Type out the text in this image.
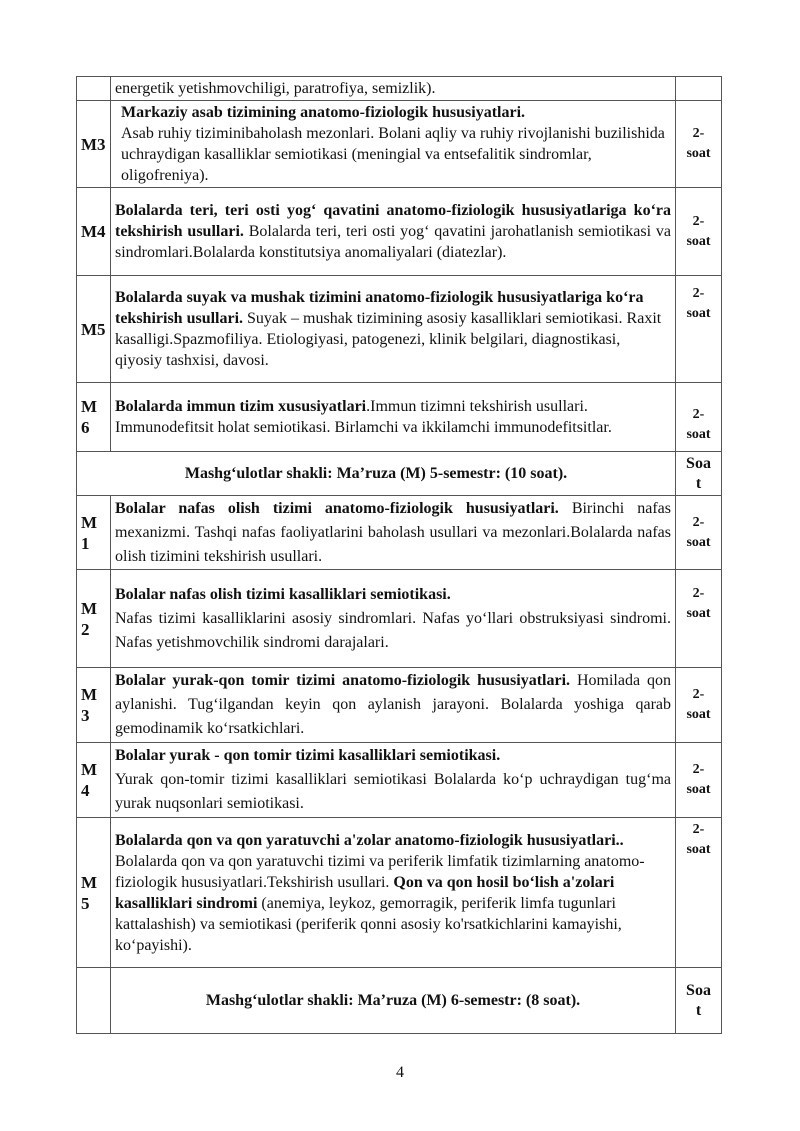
	energetik yetishmovchiligi, paratrofiya, semizlik).	
M3	Markaziy asab tizimining anatomo-fiziologik hususiyatlari.
Asab ruhiy tiziminibaholash mezonlari. Bolani aqliy va ruhiy rivojlanishi buzilishida uchraydigan kasalliklar semiotikasi (meningial va entsefalitik sindromlar, oligofreniya).	2-
soat
M4	Bolalarda teri, teri osti yog‘ qavatini anatomo-fiziologik hususiyatlariga ko‘ra tekshirish usullari. Bolalarda teri, teri osti yog‘ qavatini jarohatlanish semiotikasi va sindromlari.Bolalarda konstitutsiya anomaliyalari (diatezlar).	2-
soat
M5	Bolalarda suyak va mushak tizimini anatomo-fiziologik hususiyatlariga ko‘ra tekshirish usullari. Suyak – mushak tizimining asosiy kasalliklari semiotikasi. Raxit kasalligi.Spazmofiliya. Etiologiyasi, patogenezi, klinik belgilari, diagnostikasi, qiyosiy tashxisi, davosi.	2-
soat
M
6	Bolalarda immun tizim xususiyatlari.Immun tizimni tekshirish usullari. Immunodefitsit holat semiotikasi. Birlamchi va ikkilamchi immunodefitsitlar.	2-
soat
Mashg‘ulotlar shakli: Ma’ruza (M) 5-semestr: (10 soat).		Soa
t
M
1	Bolalar nafas olish tizimi anatomo-fiziologik hususiyatlari. Birinchi nafas mexanizmi. Tashqi nafas faoliyatlarini baholash usullari va mezonlari.Bolalarda nafas olish tizimini tekshirish usullari.	2-
soat
M
2	Bolalar nafas olish tizimi kasalliklari semiotikasi.

Nafas tizimi kasalliklarini asosiy sindromlari. Nafas yo‘llari obstruksiyasi sindromi.
Nafas yetishmovchilik sindromi darajalari.	2-
soat
M
3	Bolalar yurak-qon tomir tizimi anatomo-fiziologik hususiyatlari. Homilada qon aylanishi. Tug‘ilgandan keyin qon aylanish jarayoni. Bolalarda yoshiga qarab gemodinamik ko‘rsatkichlari.	2-
soat
M
4	Bolalar yurak - qon tomir tizimi kasalliklari semiotikasi.

Yurak qon-tomir tizimi kasalliklari semiotikasi Bolalarda ko‘p uchraydigan tug‘ma yurak nuqsonlari semiotikasi.	2-
soat
M
5	Bolalarda qon va qon yaratuvchi a'zolar anatomo-fiziologik hususiyatlari.. Bolalarda qon va qon yaratuvchi tizimi va periferik limfatik tizimlarning anatomo-fiziologik hususiyatlari.Tekshirish usullari. Qon va qon hosil bo‘lish a'zolari kasalliklari sindromi (anemiya, leykoz, gemorragik, periferik limfa tugunlari kattalashish) va semiotikasi (periferik qonni asosiy ko'rsatkichlarini kamayishi, ko‘payishi).	2-
soat
	Mashg‘ulotlar shakli: Ma’ruza (M) 6-semestr: (8 soat).	Soa
t
4
